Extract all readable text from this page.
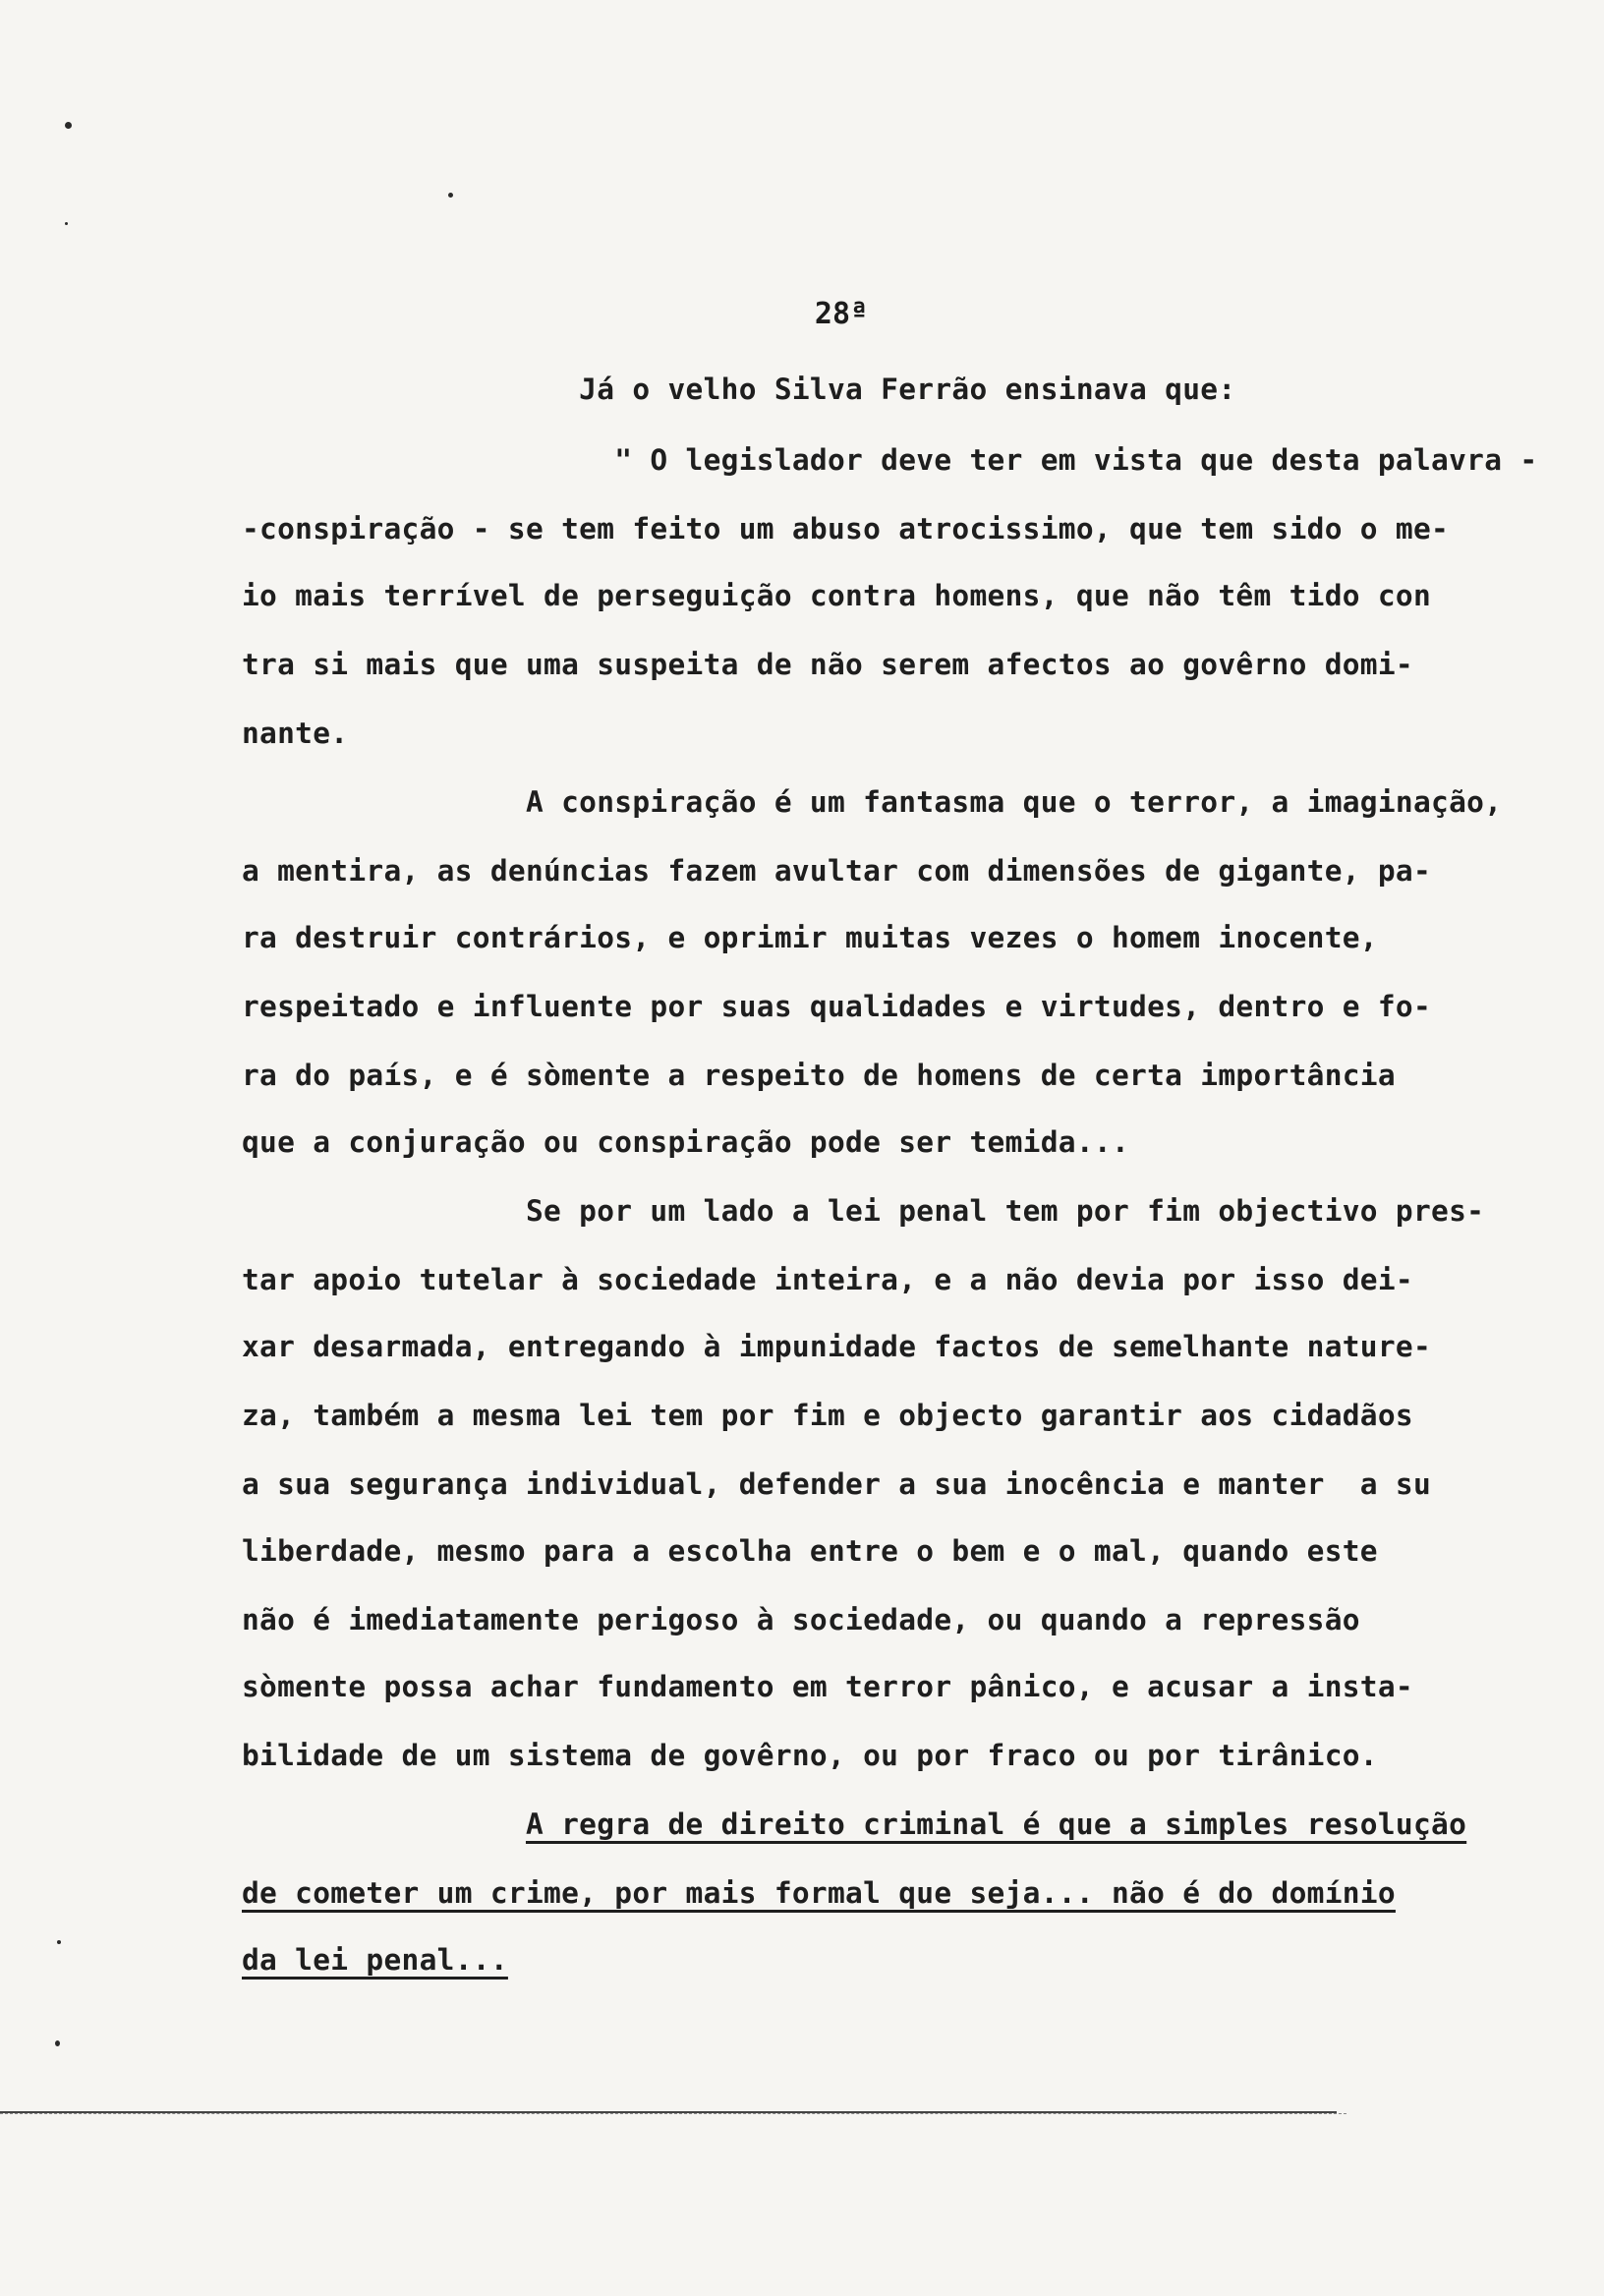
28ª
Já o velho Silva Ferrão ensinava que:
" O legislador deve ter em vista que desta palavra -
-conspiração - se tem feito um abuso atrocissimo, que tem sido o me-
io mais terrível de perseguição contra homens, que não têm tido con
tra si mais que uma suspeita de não serem afectos ao govêrno domi-
nante.
A conspiração é um fantasma que o terror, a imaginação,
a mentira, as denúncias fazem avultar com dimensões de gigante, pa-
ra destruir contrários, e oprimir muitas vezes o homem inocente,
respeitado e influente por suas qualidades e virtudes, dentro e fo-
ra do país, e é sòmente a respeito de homens de certa importância
que a conjuração ou conspiração pode ser temida...
Se por um lado a lei penal tem por fim objectivo pres-
tar apoio tutelar à sociedade inteira, e a não devia por isso dei-
xar desarmada, entregando à impunidade factos de semelhante nature-
za, também a mesma lei tem por fim e objecto garantir aos cidadãos
a sua segurança individual, defender a sua inocência e manter  a su
liberdade, mesmo para a escolha entre o bem e o mal, quando este
não é imediatamente perigoso à sociedade, ou quando a repressão
sòmente possa achar fundamento em terror pânico, e acusar a insta-
bilidade de um sistema de govêrno, ou por fraco ou por tirânico.
A regra de direito criminal é que a simples resolução
de cometer um crime, por mais formal que seja... não é do domínio
da lei penal...
